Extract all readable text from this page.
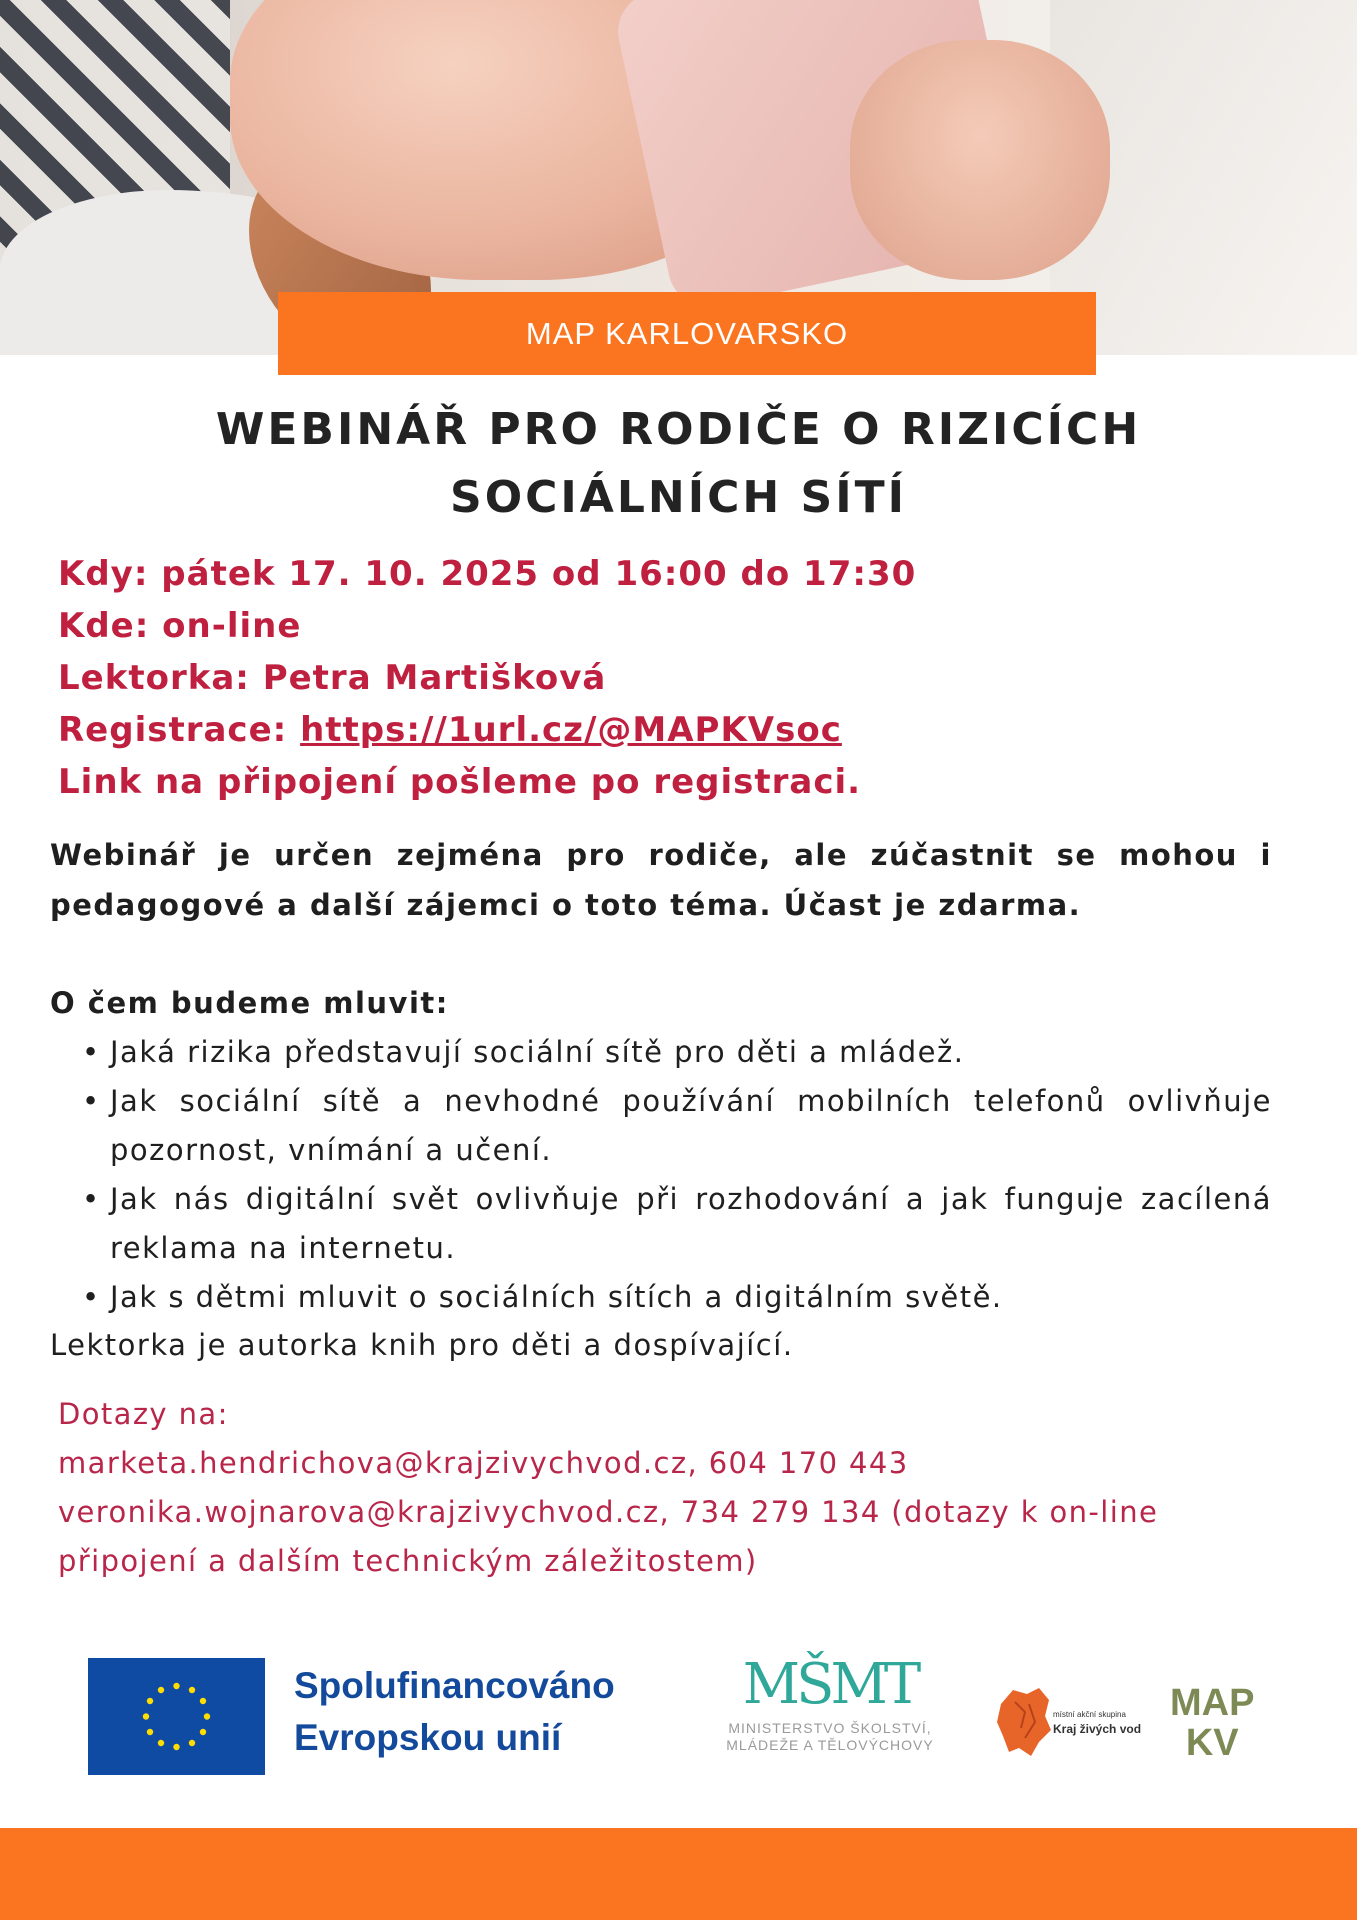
MAP KARLOVARSKO
WEBINÁŘ PRO RODIČE O RIZICÍCH
SOCIÁLNÍCH SÍTÍ
Kdy: pátek 17. 10. 2025 od 16:00 do 17:30
Kde: on-line
Lektorka: Petra Martišková
Registrace: https://1url.cz/@MAPKVsoc
Link na připojení pošleme po registraci.
Webinář je určen zejména pro rodiče, ale zúčastnit se mohou i pedagogové a další zájemci o toto téma. Účast je zdarma.
O čem budeme mluvit:
• Jaká rizika představují sociální sítě pro děti a mládež.
• Jak sociální sítě a nevhodné používání mobilních telefonů ovlivňuje pozornost, vnímání a učení.
• Jak nás digitální svět ovlivňuje při rozhodování a jak funguje zacílená reklama na internetu.
• Jak s dětmi mluvit o sociálních sítích a digitálním světě.
Lektorka je autorka knih pro děti a dospívající.
Dotazy na:
marketa.hendrichova@krajzivychvod.cz, 604 170 443
veronika.wojnarova@krajzivychvod.cz, 734 279 134 (dotazy k on-line připojení a dalším technickým záležitostem)
Spolufinancováno
Evropskou unií
MŠMT
MINISTERSTVO ŠKOLSTVÍ,
MLÁDEŽE A TĚLOVÝCHOVY
místní akční skupina
Kraj živých vod
MAP
KV
